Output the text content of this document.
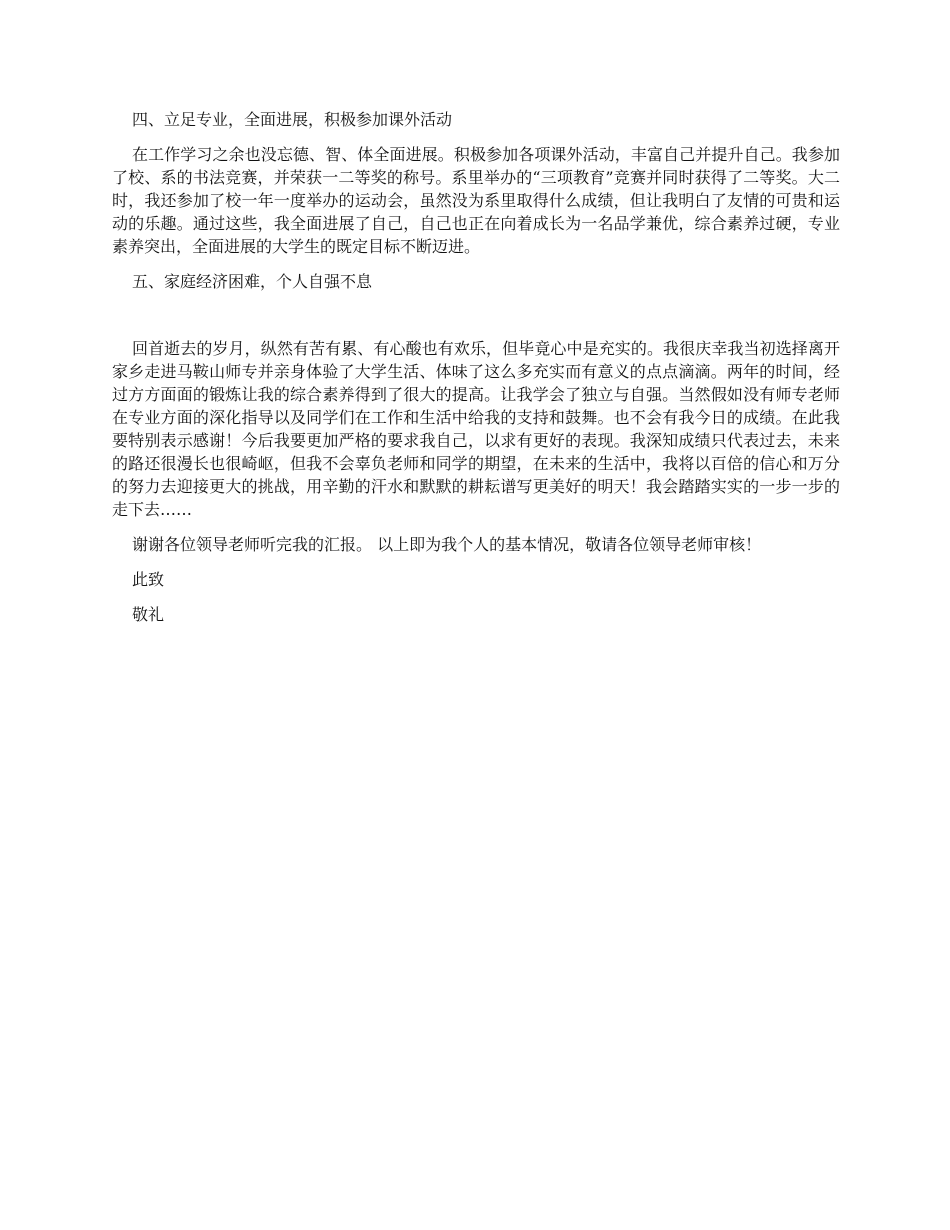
四、立足专业，全面进展，积极参加课外活动

在工作学习之余也没忘德、智、体全面进展。积极参加各项课外活动，丰富自己并提升自己。我参加了校、系的书法竞赛，并荣获一二等奖的称号。系里举办的“三项教育”竞赛并同时获得了二等奖。大二时，我还参加了校一年一度举办的运动会，虽然没为系里取得什么成绩，但让我明白了友情的可贵和运动的乐趣。通过这些，我全面进展了自己，自己也正在向着成长为一名品学兼优，综合素养过硬，专业素养突出，全面进展的大学生的既定目标不断迈进。

五、家庭经济困难，个人自强不息

回首逝去的岁月，纵然有苦有累、有心酸也有欢乐，但毕竟心中是充实的。我很庆幸我当初选择离开家乡走进马鞍山师专并亲身体验了大学生活、体味了这么多充实而有意义的点点滴滴。两年的时间，经过方方面面的锻炼让我的综合素养得到了很大的提高。让我学会了独立与自强。当然假如没有师专老师在专业方面的深化指导以及同学们在工作和生活中给我的支持和鼓舞。也不会有我今日的成绩。在此我要特别表示感谢！今后我要更加严格的要求我自己，以求有更好的表现。我深知成绩只代表过去，未来的路还很漫长也很崎岖，但我不会辜负老师和同学的期望，在未来的生活中，我将以百倍的信心和万分的努力去迎接更大的挑战，用辛勤的汗水和默默的耕耘谱写更美好的明天！我会踏踏实实的一步一步的走下去……

谢谢各位领导老师听完我的汇报。 以上即为我个人的基本情况，敬请各位领导老师审核！

此致

敬礼
